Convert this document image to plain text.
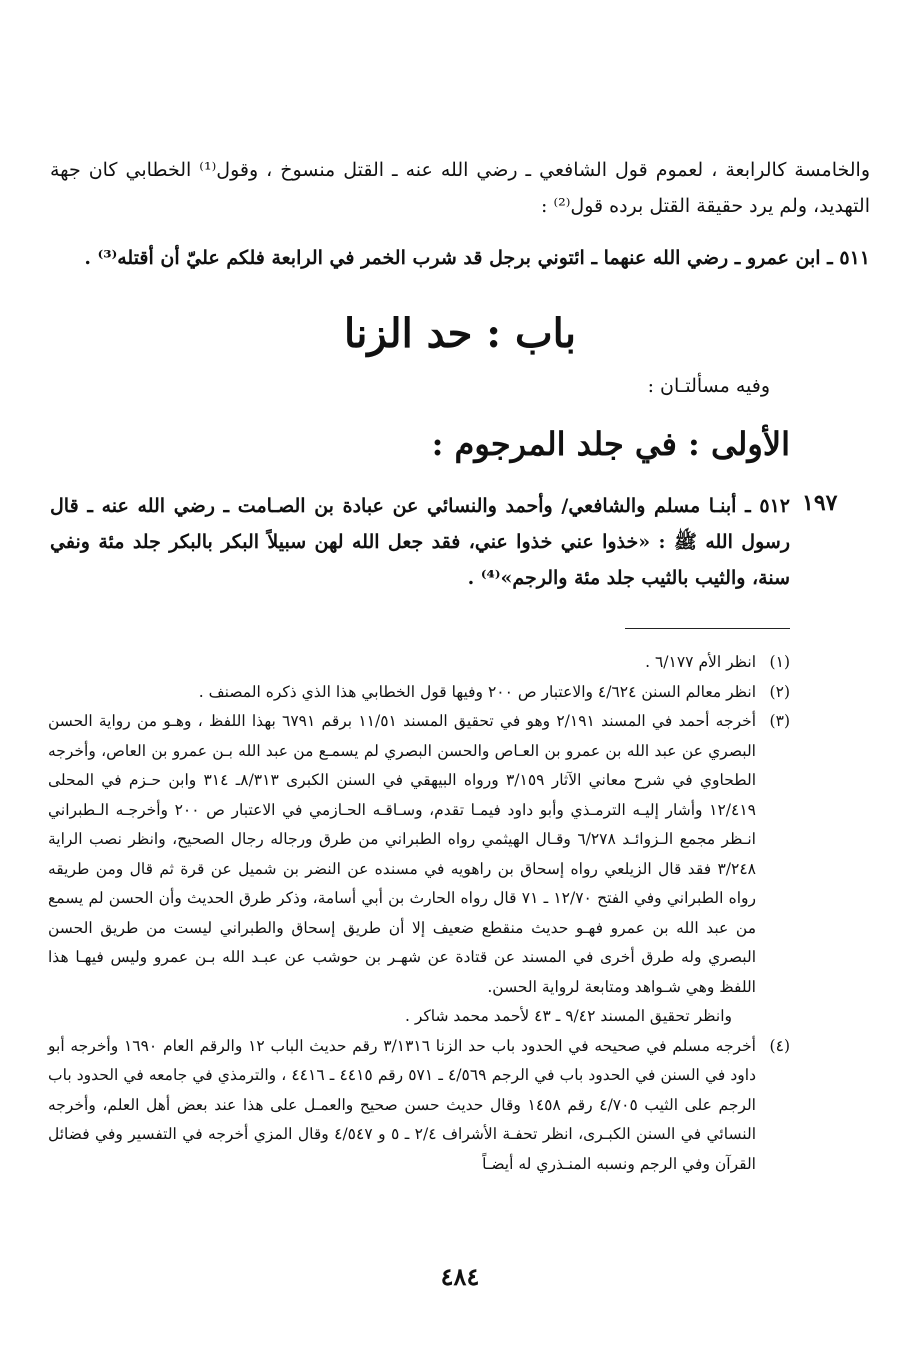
والخامسة كالرابعة ، لعموم قول الشافعي ـ رضي الله عنه ـ القتل منسوخ ، وقول⁽¹⁾ الخطابي كان جهة التهديد، ولم يرد حقيقة القتل برده قول⁽²⁾ :
٥١١ ـ ابن عمرو ـ رضي الله عنهما ـ ائتوني برجل قد شرب الخمر في الرابعة فلكم عليّ أن أقتله⁽³⁾ .
باب : حد الزنا
وفيه مسألتـان :
الأولى : في جلد المرجوم :
١٩٧
٥١٢ ـ أبنـا مسلم والشافعي/ وأحمد والنسائي عن عبادة بن الصـامت ـ رضي الله عنه ـ قال رسول الله ﷺ : «خذوا عني خذوا عني، فقد جعل الله لهن سبيلاً البكر بالبكر جلد مئة ونفي سنة، والثيب بالثيب جلد مئة والرجم»⁽⁴⁾ .
(١)
انظر الأم ٦/١٧٧ .
(٢)
انظر معالم السنن ٤/٦٢٤ والاعتبار ص ٢٠٠ وفيها قول الخطابي هذا الذي ذكره المصنف .
(٣)
أخرجه أحمد في المسند ٢/١٩١ وهو في تحقيق المسند ١١/٥١ برقم ٦٧٩١ بهذا اللفظ ، وهـو من رواية الحسن البصري عن عبد الله بن عمرو بن العـاص والحسن البصري لم يسمـع من عبد الله بـن عمرو بن العاص، وأخرجه الطحاوي في شرح معاني الآثار ٣/١٥٩ ورواه البيهقي في السنن الكبرى ٨/٣١٣ـ ٣١٤ وابن حـزم في المحلى ١٢/٤١٩ وأشار إليـه الترمـذي وأبو داود فيمـا تقدم، وسـاقـه الحـازمي في الاعتبار ص ٢٠٠ وأخرجـه الـطبراني انـظر مجمع الـزوائـد ٦/٢٧٨ وقـال الهيثمي رواه الطبراني من طرق ورجاله رجال الصحيح، وانظر نصب الراية ٣/٢٤٨ فقد قال الزيلعي رواه إسحاق بن راهويه في مسنده عن النضر بن شميل عن قرة ثم قال ومن طريقه رواه الطبراني وفي الفتح ١٢/٧٠ ـ ٧١ قال رواه الحارث بن أبي أسامة، وذكر طرق الحديث وأن الحسن لم يسمع من عبد الله بن عمرو فهـو حديث منقطع ضعيف إلا أن طريق إسحاق والطبراني ليست من طريق الحسن البصري وله طرق أخرى في المسند عن قتادة عن شهـر بن حوشب عن عبـد الله بـن عمرو وليس فيهـا هذا اللفظ وهي شـواهد ومتابعة لرواية الحسن.
وانظر تحقيق المسند ٩/٤٢ ـ ٤٣ لأحمد محمد شاكر .
(٤)
أخرجه مسلم في صحيحه في الحدود باب حد الزنا ٣/١٣١٦ رقم حديث الباب ١٢ والرقم العام ١٦٩٠ وأخرجه أبو داود في السنن في الحدود باب في الرجم ٤/٥٦٩ ـ ٥٧١ رقم ٤٤١٥ ـ ٤٤١٦ ، والترمذي في جامعه في الحدود باب الرجم على الثيب ٤/٧٠٥ رقم ١٤٥٨ وقال حديث حسن صحيح والعمـل على هذا عند بعض أهل العلم، وأخرجه النسائي في السنن الكبـرى، انظر تحفـة الأشراف ٢/٤ ـ ٥ و ٤/٥٤٧ وقال المزي أخرجه في التفسير وفي فضائل القرآن وفي الرجم ونسبه المنـذري له أيضـاً
٤٨٤
